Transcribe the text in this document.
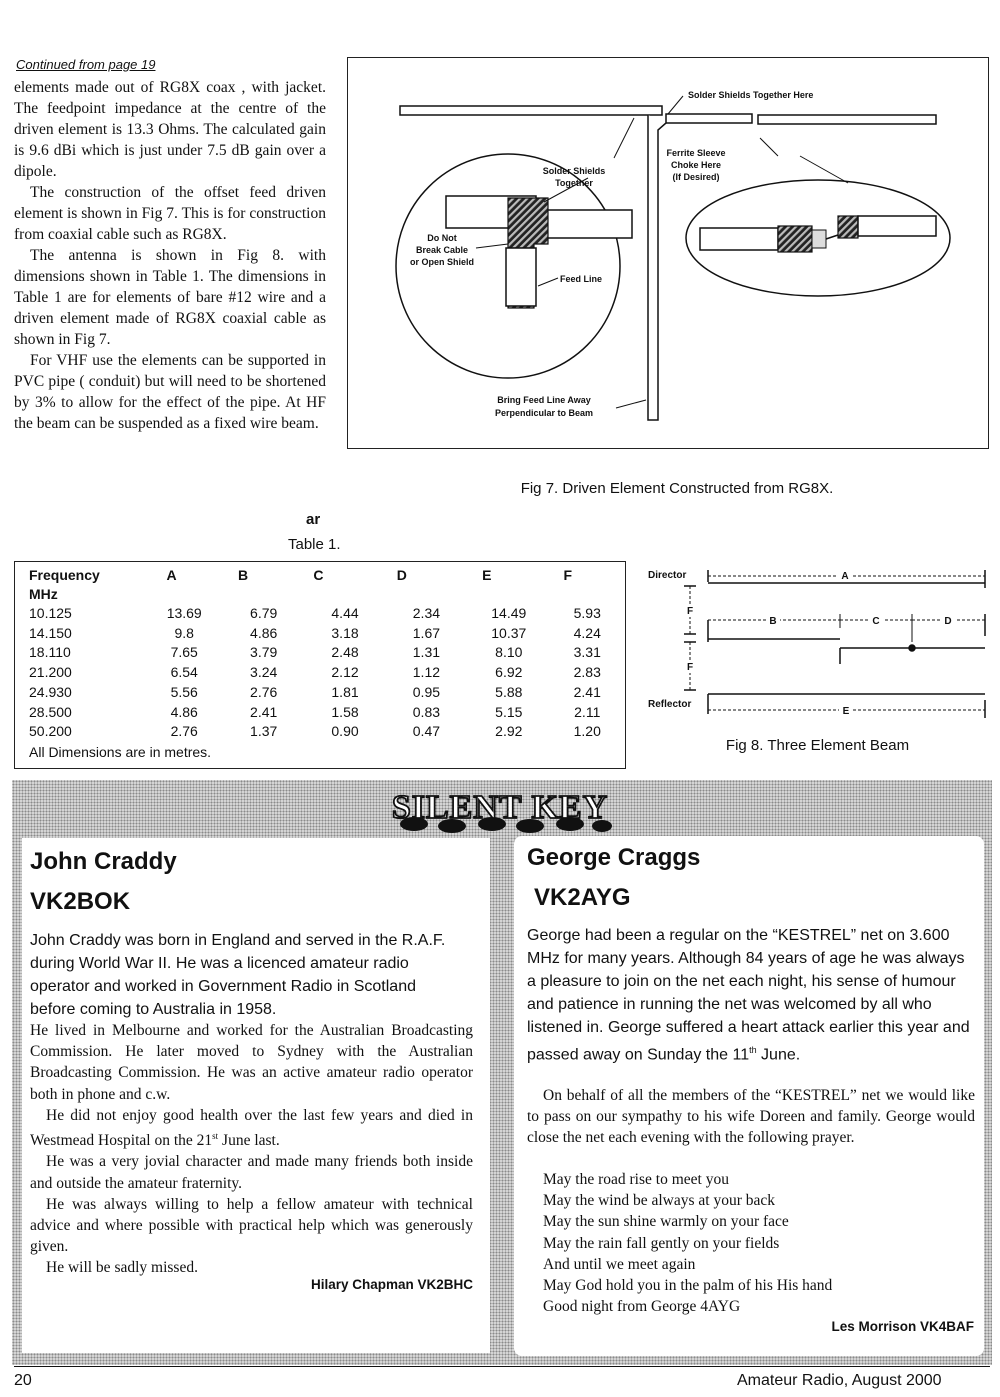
Continued from page 19

elements made out of RG8X coax , with jacket. The feedpoint impedance at the centre of the driven element is 13.3 Ohms. The calculated gain is 9.6 dBi which is just under 7.5 dB gain over a dipole.

The construction of the offset feed driven element is shown in Fig 7. This is for construction from coaxial cable such as RG8X.

The antenna is shown in Fig 8. with dimensions shown in Table 1. The dimensions in Table 1 are for elements of bare #12 wire and a driven element made of RG8X coaxial cable as shown in Fig 7.

For VHF use the elements can be supported in PVC pipe ( conduit) but will need to be shortened by 3% to allow for the effect of the pipe. At HF the beam can be suspended as a fixed wire beam.

ar
Solder Shields Together Here
Ferrite Sleeve
Choke Here
(If Desired)
Solder Shields
Together
Do Not
Break Cable
or Open Shield
Feed Line
Bring Feed Line Away
Perpendicular to Beam
Fig 7. Driven Element Constructed from RG8X.
Table 1.
Frequency	A	B	C	D	E	F
MHz						
10.125	13.69	6.79	4.44	2.34	14.49	5.93
14.150	9.8	4.86	3.18	1.67	10.37	4.24
18.110	7.65	3.79	2.48	1.31	8.10	3.31
21.200	6.54	3.24	2.12	1.12	6.92	2.83
24.930	5.56	2.76	1.81	0.95	5.88	2.41
28.500	4.86	2.41	1.58	0.83	5.15	2.11
50.200	2.76	1.37	0.90	0.47	2.92	1.20
All Dimensions are in metres.
Director
Reflector
A
B	C	D
E
F
F
Fig 8. Three Element Beam
SILENT KEY
John Craddy
VK2BOK
John Craddy was born in England and served in the R.A.F. during World War II. He was a licenced amateur radio operator and worked in Government Radio in Scotland before coming to Australia in 1958.

He lived in Melbourne and worked for the Australian Broadcasting Commission. He later moved to Sydney with the Australian Broadcasting Commission. He was an active amateur radio operator both in phone and c.w.

He did not enjoy good health over the last few years and died in Westmead Hospital on the 21st June last.

He was a very jovial character and made many friends both inside and outside the amateur fraternity.

He was always willing to help a fellow amateur with technical advice and where possible with practical help which was generously given.

He will be sadly missed.

Hilary Chapman VK2BHC
George Craggs
VK2AYG
George had been a regular on the “KESTREL” net on 3.600 MHz for many years. Although 84 years of age he was always a pleasure to join on the net each night, his sense of humour and patience in running the net was welcomed by all who listened in. George suffered a heart attack earlier this year and passed away on Sunday the 11th June.

On behalf of all the members of the “KESTREL” net we would like to pass on our sympathy to his wife Doreen and family. George would close the net each evening with the following prayer.

May the road rise to meet you
May the wind be always at your back
May the sun shine warmly on your face
May the rain fall gently on your fields
And until we meet again
May God hold you in the palm of his His hand
Good night from George 4AYG
Les Morrison VK4BAF
20	Amateur Radio, August 2000
